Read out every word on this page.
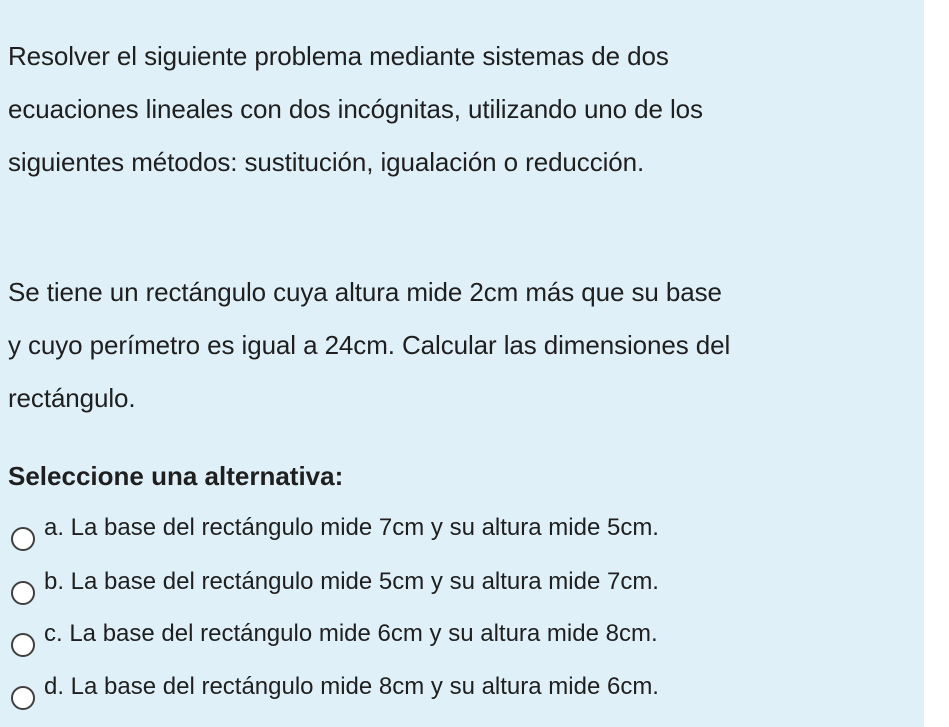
Resolver el siguiente problema mediante sistemas de dos
ecuaciones lineales con dos incógnitas, utilizando uno de los
siguientes métodos: sustitución, igualación o reducción.

Se tiene un rectángulo cuya altura mide 2cm más que su base
y cuyo perímetro es igual a 24cm. Calcular las dimensiones del
rectángulo.

Seleccione una alternativa:

a. La base del rectángulo mide 7cm y su altura mide 5cm.
b. La base del rectángulo mide 5cm y su altura mide 7cm.
c. La base del rectángulo mide 6cm y su altura mide 8cm.
d. La base del rectángulo mide 8cm y su altura mide 6cm.
